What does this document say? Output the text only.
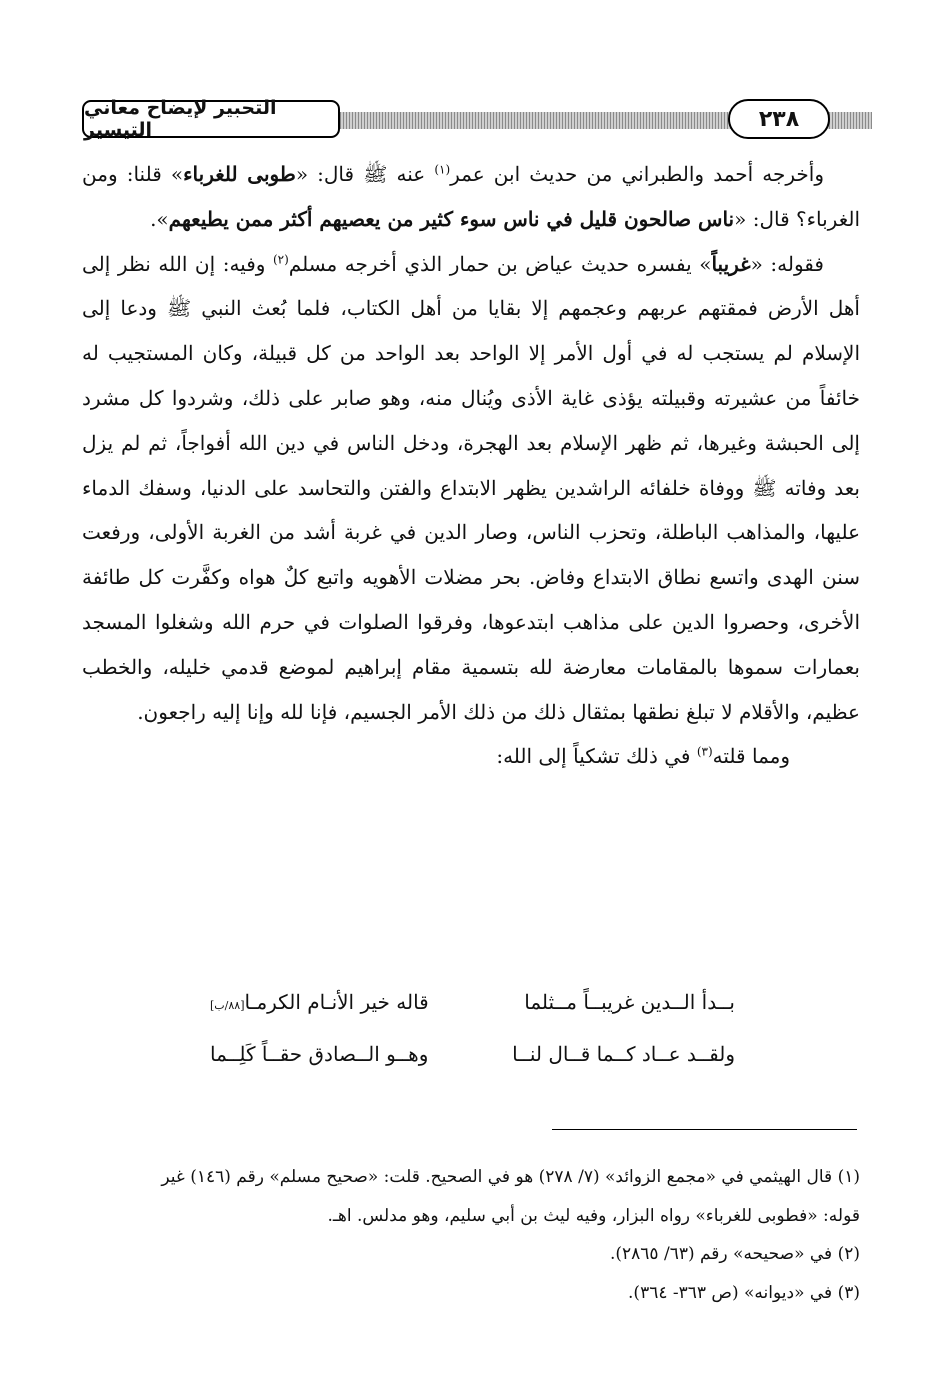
التحبير لإيضاح معاني التيسير	٢٣٨

وأخرجه أحمد والطبراني من حديث ابن عمر$^{(١)}$ عنه ﷺ قال: «طوبى للغرباء» قلنا: ومن الغرباء؟ قال: «ناس صالحون قليل في ناس سوء كثير من يعصيهم أكثر ممن يطيعهم».

فقوله: «غريباً» يفسره حديث عياض بن حمار الذي أخرجه مسلم$^{(٢)}$ وفيه: إن الله نظر إلى أهل الأرض فمقتهم عربهم وعجمهم إلا بقايا من أهل الكتاب، فلما بُعث النبي ﷺ ودعا إلى الإسلام لم يستجب له في أول الأمر إلا الواحد بعد الواحد من كل قبيلة، وكان المستجيب له خائفاً من عشيرته وقبيلته يؤذى غاية الأذى ويُنال منه، وهو صابر على ذلك، وشردوا كل مشرد إلى الحبشة وغيرها، ثم ظهر الإسلام بعد الهجرة، ودخل الناس في دين الله أفواجاً، ثم لم يزل بعد وفاته ﷺ ووفاة خلفائه الراشدين يظهر الابتداع والفتن والتحاسد على الدنيا، وسفك الدماء عليها، والمذاهب الباطلة، وتحزب الناس، وصار الدين في غربة أشد من الغربة الأولى، ورفعت سنن الهدى واتسع نطاق الابتداع وفاض. بحر مضلات الأهويه واتبع كلٌ هواه وكفَّرت كل طائفة الأخرى، وحصروا الدين على مذاهب ابتدعوها، وفرقوا الصلوات في حرم الله وشغلوا المسجد بعمارات سموها بالمقامات معارضة لله بتسمية مقام إبراهيم لموضع قدمي خليله، والخطب عظيم، والأقلام لا تبلغ نطقها بمثقال ذلك من ذلك الأمر الجسيم، فإنا لله وإنا إليه راجعون.

ومما قلته$^{(٣)}$ في ذلك تشكياً إلى الله:

بــدأ الــدين غريبــاً مــثلما
قاله خير الأنـام الكرمـا[٨٨/ب]
ولقــد عــاد كــما قــال لنــا
وهــو الــصادق حقــاً كَلِــما

(١) قال الهيثمي في «مجمع الزوائد» (٧/ ٢٧٨) هو في الصحيح. قلت: «صحيح مسلم» رقم (١٤٦) غير
قوله: «فطوبى للغرباء» رواه البزار، وفيه ليث بن أبي سليم، وهو مدلس. اهـ.

(٢) في «صحيحه» رقم (٦٣/ ٢٨٦٥).

(٣) في «ديوانه» (ص ٣٦٣- ٣٦٤).
